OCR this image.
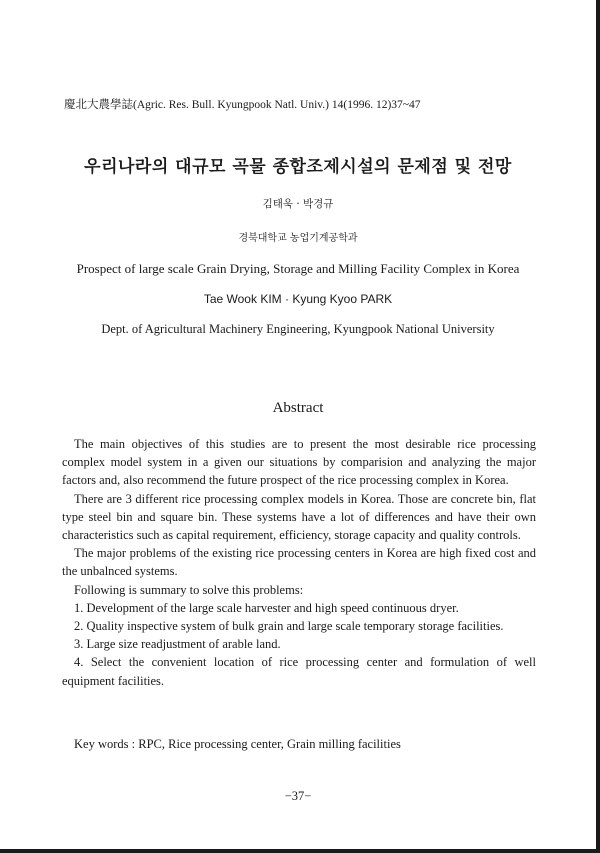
慶北大農學誌(Agric. Res. Bull. Kyungpook Natl. Univ.) 14(1996. 12)37~47
우리나라의 대규모 곡물 종합조제시설의 문제점 및 전망
김태욱 · 박경규
경북대학교 농업기계공학과
Prospect of large scale Grain Drying, Storage and Milling Facility Complex in Korea
Tae Wook KIM · Kyung Kyoo PARK
Dept. of Agricultural Machinery Engineering, Kyungpook National University
Abstract

The main objectives of this studies are to present the most desirable rice processing complex model system in a given our situations by comparision and analyzing the major factors and, also recommend the future prospect of the rice processing complex in Korea.

There are 3 different rice processing complex models in Korea. Those are concrete bin, flat type steel bin and square bin. These systems have a lot of differences and have their own characteristics such as capital requirement, efficiency, storage capacity and quality controls.

The major problems of the existing rice processing centers in Korea are high fixed cost and the unbalnced systems.

Following is summary to solve this problems:

1. Development of the large scale harvester and high speed continuous dryer.

2. Quality inspective system of bulk grain and large scale temporary storage facilities.

3. Large size readjustment of arable land.

4. Select the convenient location of rice processing center and formulation of well equipment facilities.

Key words : RPC, Rice processing center, Grain milling facilities
−37−
